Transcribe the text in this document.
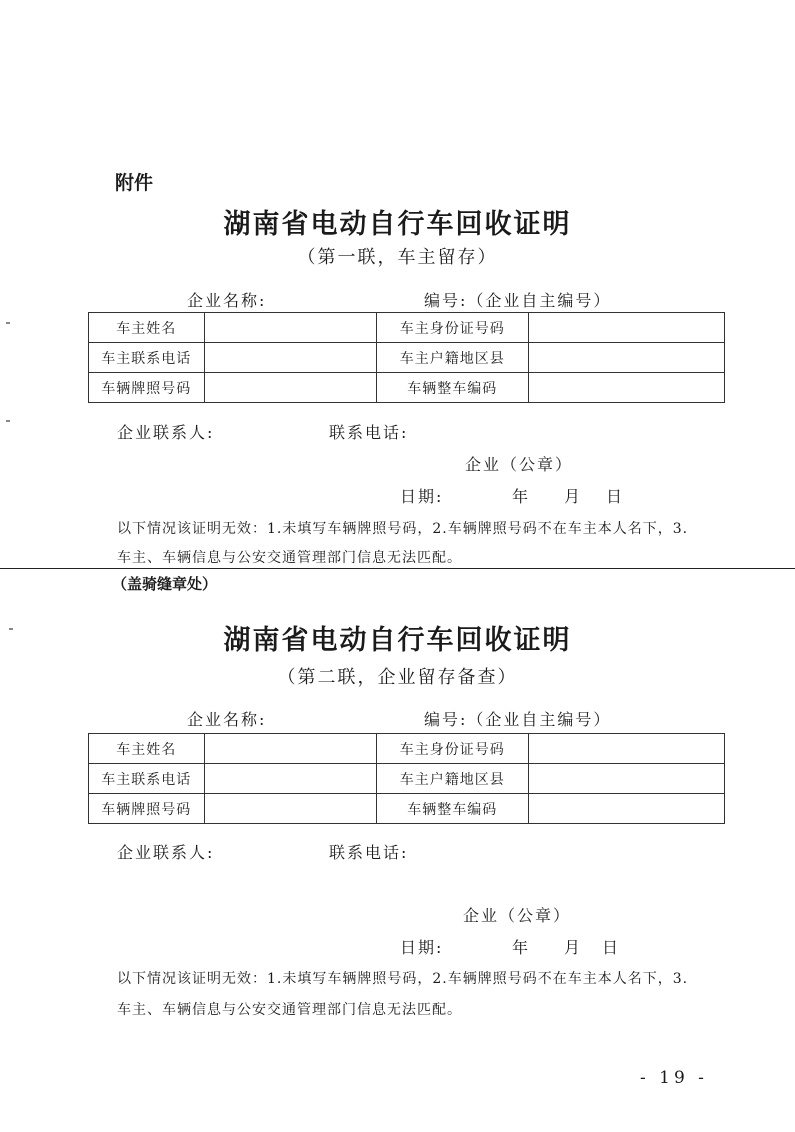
附件
湖南省电动自行车回收证明
（第一联，车主留存）
企业名称:	编号:（企业自主编号）
车主姓名		车主身份证号码	
车主联系电话		车主户籍地区县	
车辆牌照号码		车辆整车编码	
企业联系人:	联系电话:
企业（公章）
日期:	年 月 日
以下情况该证明无效：1.未填写车辆牌照号码，2.车辆牌照号码不在车主本人名下，3.
车主、车辆信息与公安交通管理部门信息无法匹配。
（盖骑缝章处）
湖南省电动自行车回收证明
（第二联，企业留存备查）
企业名称:	编号:（企业自主编号）
车主姓名		车主身份证号码	
车主联系电话		车主户籍地区县	
车辆牌照号码		车辆整车编码	
企业联系人:	联系电话:
企业（公章）
日期:	年 月 日
以下情况该证明无效：1.未填写车辆牌照号码，2.车辆牌照号码不在车主本人名下，3.
车主、车辆信息与公安交通管理部门信息无法匹配。
- 19 -
